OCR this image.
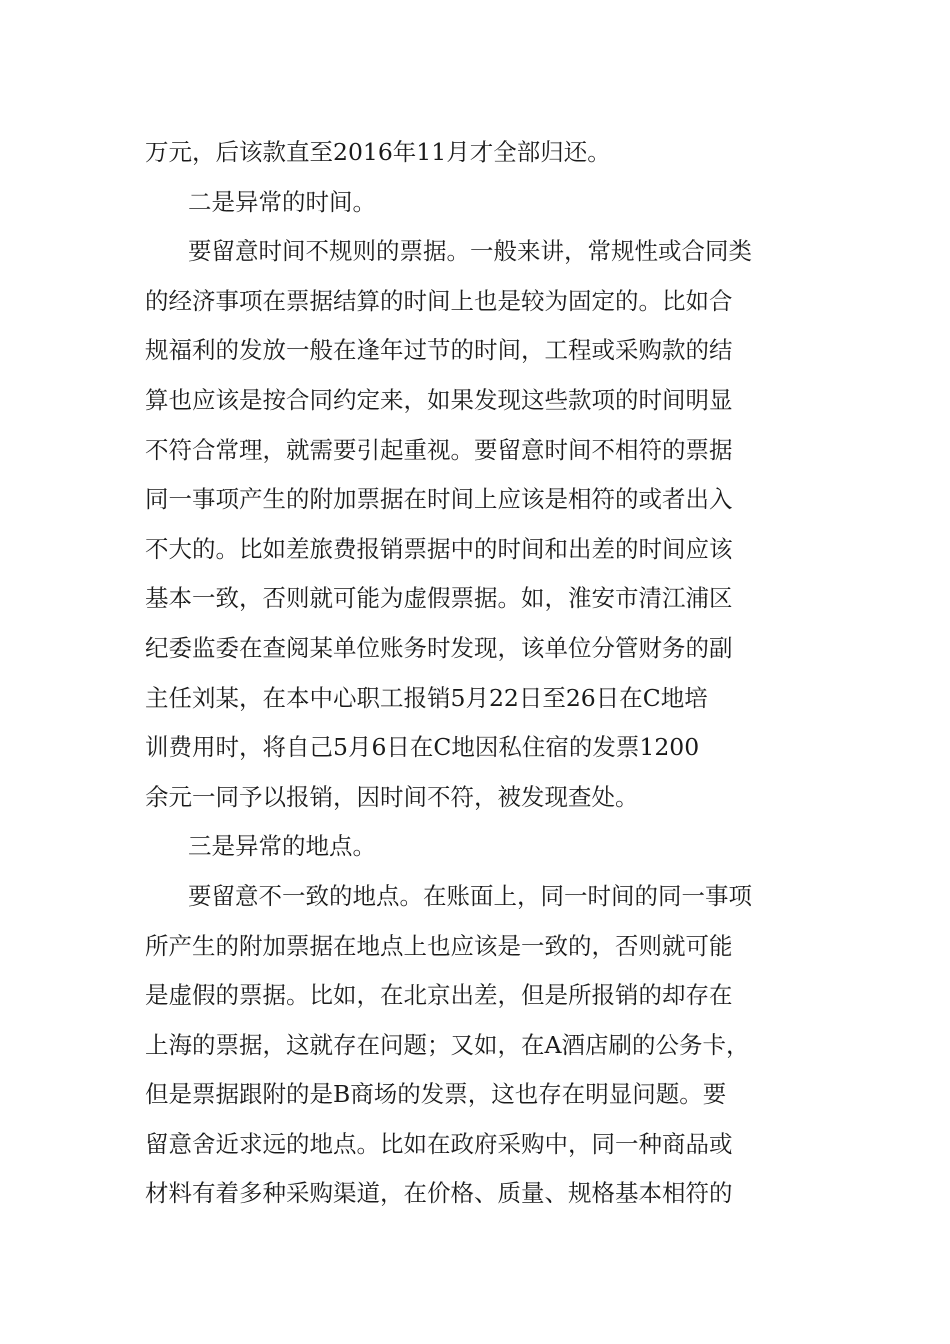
万元，后该款直至2016年11月才全部归还。
二是异常的时间。
要留意时间不规则的票据。一般来讲，常规性或合同类
的经济事项在票据结算的时间上也是较为固定的。比如合
规福利的发放一般在逢年过节的时间，工程或采购款的结
算也应该是按合同约定来，如果发现这些款项的时间明显
不符合常理，就需要引起重视。要留意时间不相符的票据
同一事项产生的附加票据在时间上应该是相符的或者出入
不大的。比如差旅费报销票据中的时间和出差的时间应该
基本一致，否则就可能为虚假票据。如，淮安市清江浦区
纪委监委在查阅某单位账务时发现，该单位分管财务的副
主任刘某，在本中心职工报销5月22日至26日在C地培
训费用时，将自己5月6日在C地因私住宿的发票1200
余元一同予以报销，因时间不符，被发现查处。
三是异常的地点。
要留意不一致的地点。在账面上，同一时间的同一事项
所产生的附加票据在地点上也应该是一致的，否则就可能
是虚假的票据。比如，在北京出差，但是所报销的却存在
上海的票据，这就存在问题；又如，在A酒店刷的公务卡，
但是票据跟附的是B商场的发票，这也存在明显问题。要
留意舍近求远的地点。比如在政府采购中，同一种商品或
材料有着多种采购渠道，在价格、质量、规格基本相符的
